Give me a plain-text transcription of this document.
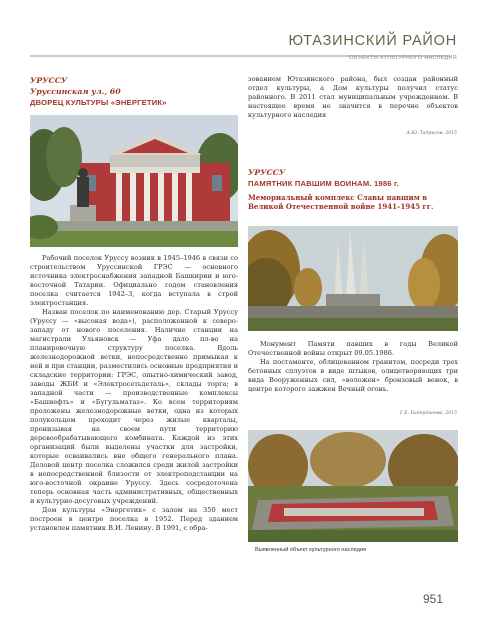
ЮТАЗИНСКИЙ РАЙОН
ОБЪЕКТЫ КУЛЬТУРНОГО НАСЛЕДИЯ
УРУССУ
Уруссинская ул., 60
ДВОРЕЦ КУЛЬТУРЫ «ЭНЕРГЕТИК»

зованием Ютазинского района, был создан районный отдел культуры, а Дом культуры получил статус районного. В 2011 стал муниципальным учреждением. В настоящее время не значится в перечне объектов культурного наследия

А.Ю. Тадрисов, 2015

Рабочий поселок Уруссу возник в 1945–1946 в связи со строительством Уруссинской ГРЭС — основного источника электроснабжения западной Башкирии и юго-восточной Татарии. Официально годом становления поселка считается 1942–3, когда вступала в строй электростанция.

Назван поселок по наименованию дер. Старый Уруссу (Уруссу — «высокая вода»), расположенной к северо-западу от нового поселения. Наличие станции на магистрали Ульяновск — Уфа дало пл-во на планировочную структуру поселка. Вдоль железнодорожной ветки, непосредственно примыкая к ней и при станции, разместились основные предприятия и складские территории: ГРЭС, опытно-химический завод, заводы ЖБИ и «Электросетьдеталь», склады торга; в западной части — производственные комплексы «Башнефть» и «Бугульматаз». Ко всем территориям проложены железнодорожные ветки, одна из которых полукольцом проходит через жилые кварталы, пронизывая на своем пути территорию деревообрабатывающего комбината. Каждой из этих организаций были выделены участки для застройки, которые осваивались вне общего генерального плана. Деловой центр поселка сложился среди жилой застройки в непосредственной близости от электроподстанции на юго-восточной окраине Уруссу. Здесь сосредоточена теперь основная часть административных, общественных и культурно-досуговых учреждений.

Дом культуры «Энергетик» с залом на 350 мест построен в центре поселка в 1952. Перед зданием установлен памятник В.И. Ленину. В 1991, с обра-

УРУССУ
ПАМЯТНИК ПАВШИМ ВОИНАМ. 1986 г.
Мемориальный комплекс Славы павшим в Великой Отечественной войне 1941–1945 гг.

Монумент Памяти павших в годы Великой Отечественной войны открыт 09.05.1986.

На постаменте, облицованном гранитом, посреди трех бетонных сплуэтов в виде штыков, олицетворяющих три вида Вооруженных сил, «воложен» бронзовый венок, в центре которого зажжен Вечный огонь.

Г.Е. Бадердинова, 2015
Выявленный объект культурного наследия
951
